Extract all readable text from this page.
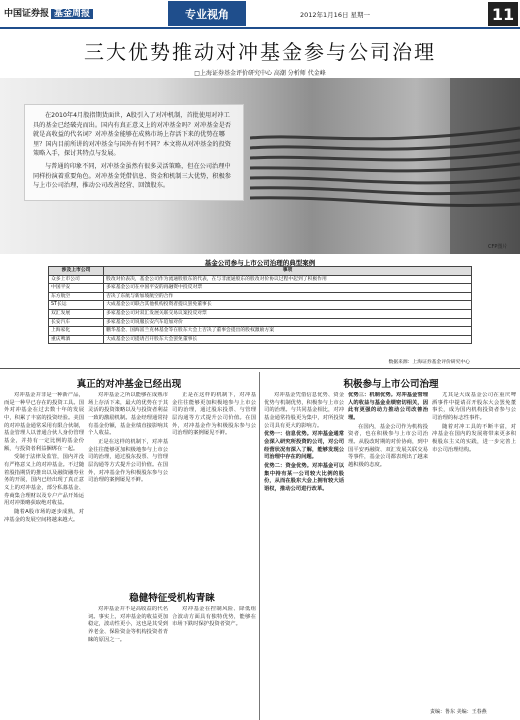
中国证券报 基金周报	专业视角	2012年1月16日 星期一	11
三大优势推动对冲基金参与公司治理
□上海证券基金评价研究中心 高潮 分析师 代金峰
CFP图片

在2010年4月股指期货面世，A股引入了对冲机制，首批使用对冲工具的基金已经破壳而出。国内有真正意义上的对冲基金吗？对冲基金是否就是高收益的代名词？对冲基金能够在成熟市场上存活下来的优势在哪里？国内目前所讲的对冲基金与国外有何不同？本文将从对冲基金的投资策略入手，探讨其特点与发展。

与普通的印象不同，对冲基金虽然有很多灵活策略，但在公司治理中同样扮演着重要角色。对冲基金凭借信息、资金和机制三大优势，积极参与上市公司治理，推动公司改善经营、回馈股东。

基金公司参与上市公司治理的典型案例
涉及上市公司	事项
众多上市公司	股改对价表决，基金公司作为流通股股东的代表，在与非流通股东的股改对价协议过程中起到了积极作用
中国平安	多家基金公司在中国平安的再融资中投反对票
东方航空	否决了东航与新加坡航空的合作
ST长运	大成基金公司联合其他机构投资者提议罢免董事长
双汇发展	多家基金公司对双汇发展关联交易议案投反对票
长安汽车	多家基金公司说服长安汽车追加对价
上海家化	鹏华基金、国海富兰克林基金等在股东大会上否决了董事会提出的股权激励方案
重庆啤酒	大成基金公司提请召开股东大会罢免董事长
数据来源：上海证券基金评价研究中心
真正的对冲基金已经出现

对冲基金并非是一种新产品，而是一种早已存在的投资工具。国外对冲基金在过去数十年的发展中，积累了丰富的投资经验。美国的对冲基金通常采用有限合伙制，基金管理人以普通合伙人身份管理基金，并持有一定比例的基金份额，与投资者利益捆绑在一起。

受制于法律及监管，国内并没有严格意义上的对冲基金。不过随着股指期货的推出以及融资融券业务的开展，国内已经出现了真正意义上的对冲基金，部分私募基金、券商集合理财以及专户产品开始运用对冲策略获取绝对收益。

随着A股市场的逐步成熟，对冲基金的发展空间将越来越大。

对冲基金之所以能够在成熟市场上存活下来，最大的优势在于其灵活的投资策略以及与投资者利益一致的激励机制。基金经理通常持有基金份额，基金业绩直接影响其个人收益。

正是在这样的机制下，对冲基金往往能够更加积极地参与上市公司的治理，通过股东投票、与管理层沟通等方式提升公司价值。在国外，对冲基金作为积极股东参与公司治理的案例屡见不鲜。

正是在这样的机制下，对冲基金往往能够更加积极地参与上市公司的治理，通过股东投票、与管理层沟通等方式提升公司价值。在国外，对冲基金作为积极股东参与公司治理的案例屡见不鲜。

稳健特征受机构青睐

对冲基金并不是高收益的代名词。事实上，对冲基金的收益更加稳定，波动性更小，这也是其受到养老金、保险资金等机构投资者青睐的原因之一。

对冲基金在控制风险、降低组合波动方面具有独特优势，能够在市场下跌时保护投资者资产。

积极参与上市公司治理

对冲基金凭借信息优势、资金优势与机制优势，积极参与上市公司的治理。与共同基金相比，对冲基金通常持股更为集中，对所投资公司具有更大的影响力。

优势一：信息优势。对冲基金通常会深入研究所投资的公司，对公司经营状况有深入了解，能够发现公司治理中存在的问题。

优势二：资金优势。对冲基金可以集中持有某一公司较大比例的股份，从而在股东大会上拥有较大话语权，推动公司进行改革。

优势三：机制优势。对冲基金管理人的收益与基金业绩密切相关，因此有更强的动力推动公司改善治理。

在国内，基金公司作为机构投资者，也在积极参与上市公司治理。从股改时期的对价协商，到中国平安再融资、双汇发展关联交易等事件，基金公司都表现出了越来越积极的态度。

尤其是大成基金公司在重庆啤酒事件中提请召开股东大会罢免董事长，成为国内机构投资者参与公司治理的标志性事件。

随着对冲工具的不断丰富，对冲基金在国内的发展将带来更多积极股东主义的实践，进一步完善上市公司治理结构。

责编：鲁东 美编：王春燕
